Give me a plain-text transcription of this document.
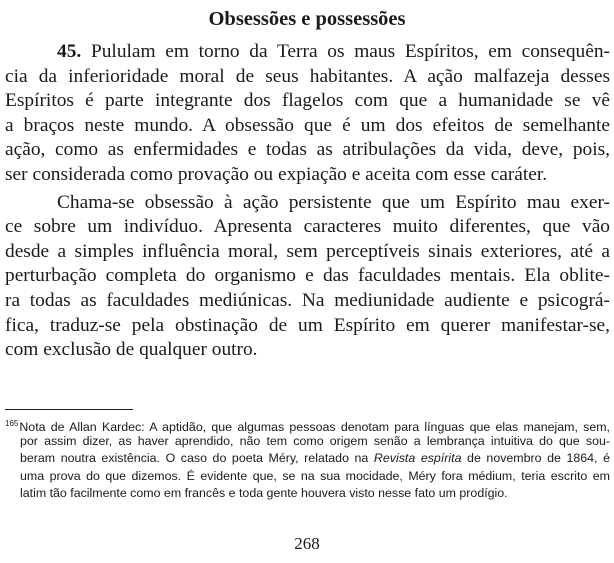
Obsessões e possessões
45. Pululam em torno da Terra os maus Espíritos, em consequên-
cia da inferioridade moral de seus habitantes. A ação malfazeja desses
Espíritos é parte integrante dos flagelos com que a humanidade se vê
a braços neste mundo. A obsessão que é um dos efeitos de semelhante
ação, como as enfermidades e todas as atribulações da vida, deve, pois,
ser considerada como provação ou expiação e aceita com esse caráter.
Chama-se obsessão à ação persistente que um Espírito mau exer-
ce sobre um indivíduo. Apresenta caracteres muito diferentes, que vão
desde a simples influência moral, sem perceptíveis sinais exteriores, até a
perturbação completa do organismo e das faculdades mentais. Ela oblite-
ra todas as faculdades mediúnicas. Na mediunidade audiente e psicográ-
fica, traduz-se pela obstinação de um Espírito em querer manifestar-se,
com exclusão de qualquer outro.
$^{165}$Nota de Allan Kardec: A aptidão, que algumas pessoas denotam para línguas que elas manejam, sem,
por assim dizer, as haver aprendido, não tem como origem senão a lembrança intuitiva do que sou-
beram noutra existência. O caso do poeta Méry, relatado na Revista espírita de novembro de 1864, é
uma prova do que dizemos. É evidente que, se na sua mocidade, Méry fora médium, teria escrito em
latim tão facilmente como em francês e toda gente houvera visto nesse fato um prodígio.
268
